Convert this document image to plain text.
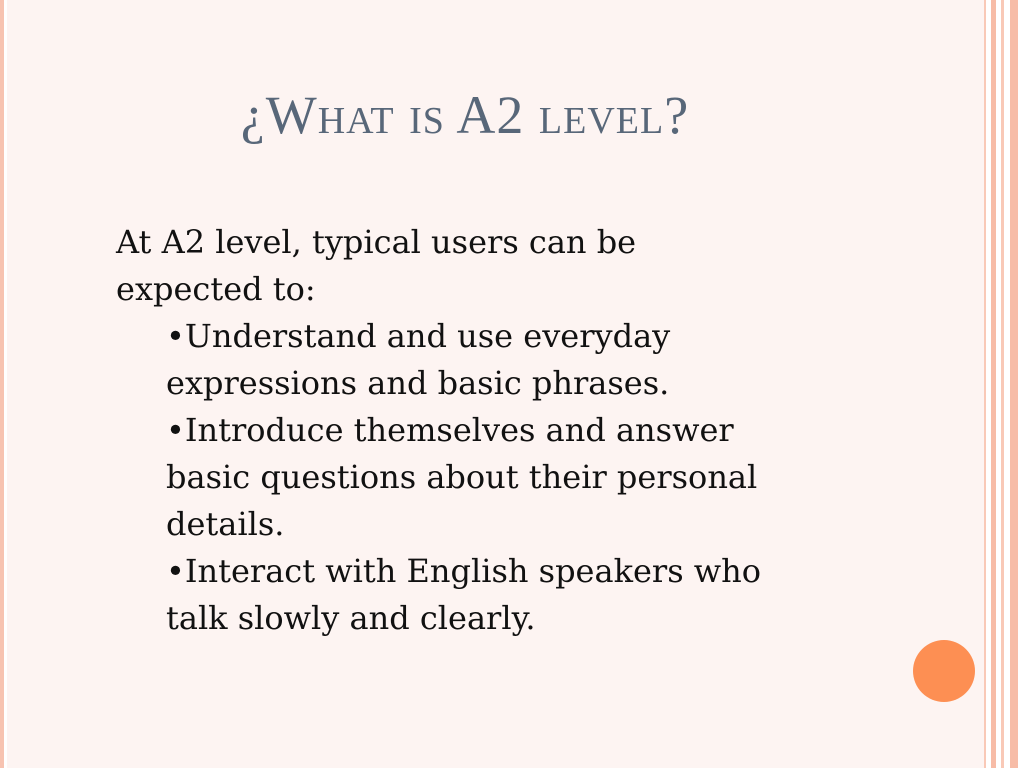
¿What is A2 level?

At A2 level, typical users can be expected to:

•Understand and use everyday expressions and basic phrases.
•Introduce themselves and answer basic questions about their personal details.
•Interact with English speakers who talk slowly and clearly.
